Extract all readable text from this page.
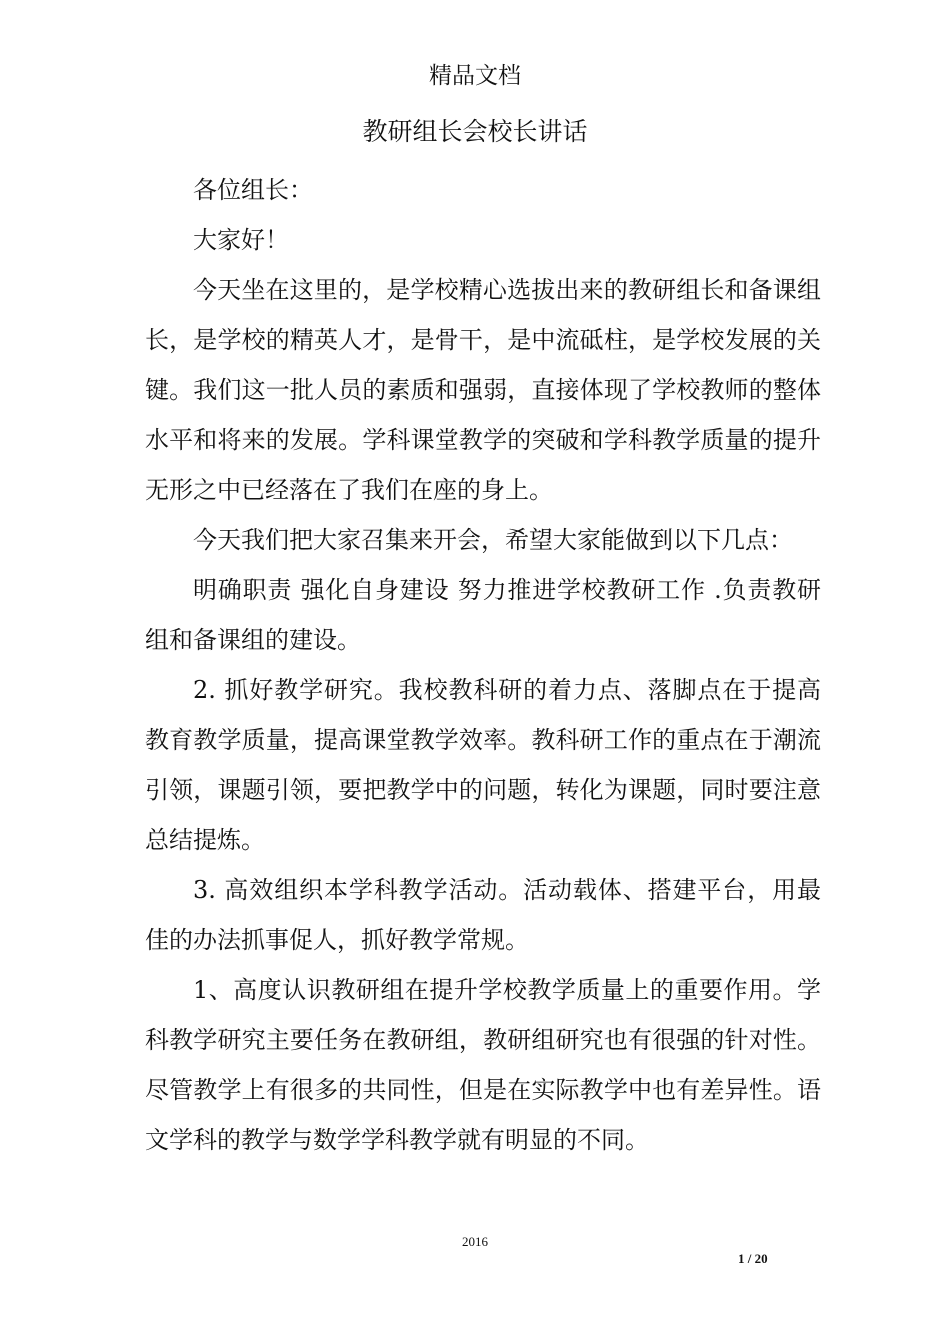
精品文档
教研组长会校长讲话

各位组长：

大家好！

今天坐在这里的，是学校精心选拔出来的教研组长和备课组长，是学校的精英人才，是骨干，是中流砥柱，是学校发展的关键。我们这一批人员的素质和强弱，直接体现了学校教师的整体水平和将来的发展。学科课堂教学的突破和学科教学质量的提升无形之中已经落在了我们在座的身上。

今天我们把大家召集来开会，希望大家能做到以下几点：

明确职责 强化自身建设 努力推进学校教研工作 .负责教研组和备课组的建设。

2. 抓好教学研究。我校教科研的着力点、落脚点在于提高教育教学质量，提高课堂教学效率。教科研工作的重点在于潮流引领，课题引领，要把教学中的问题，转化为课题，同时要注意总结提炼。

3. 高效组织本学科教学活动。活动载体、搭建平台，用最佳的办法抓事促人，抓好教学常规。

1、高度认识教研组在提升学校教学质量上的重要作用。学科教学研究主要任务在教研组，教研组研究也有很强的针对性。尽管教学上有很多的共同性，但是在实际教学中也有差异性。语文学科的教学与数学学科教学就有明显的不同。

2016
1 / 20
